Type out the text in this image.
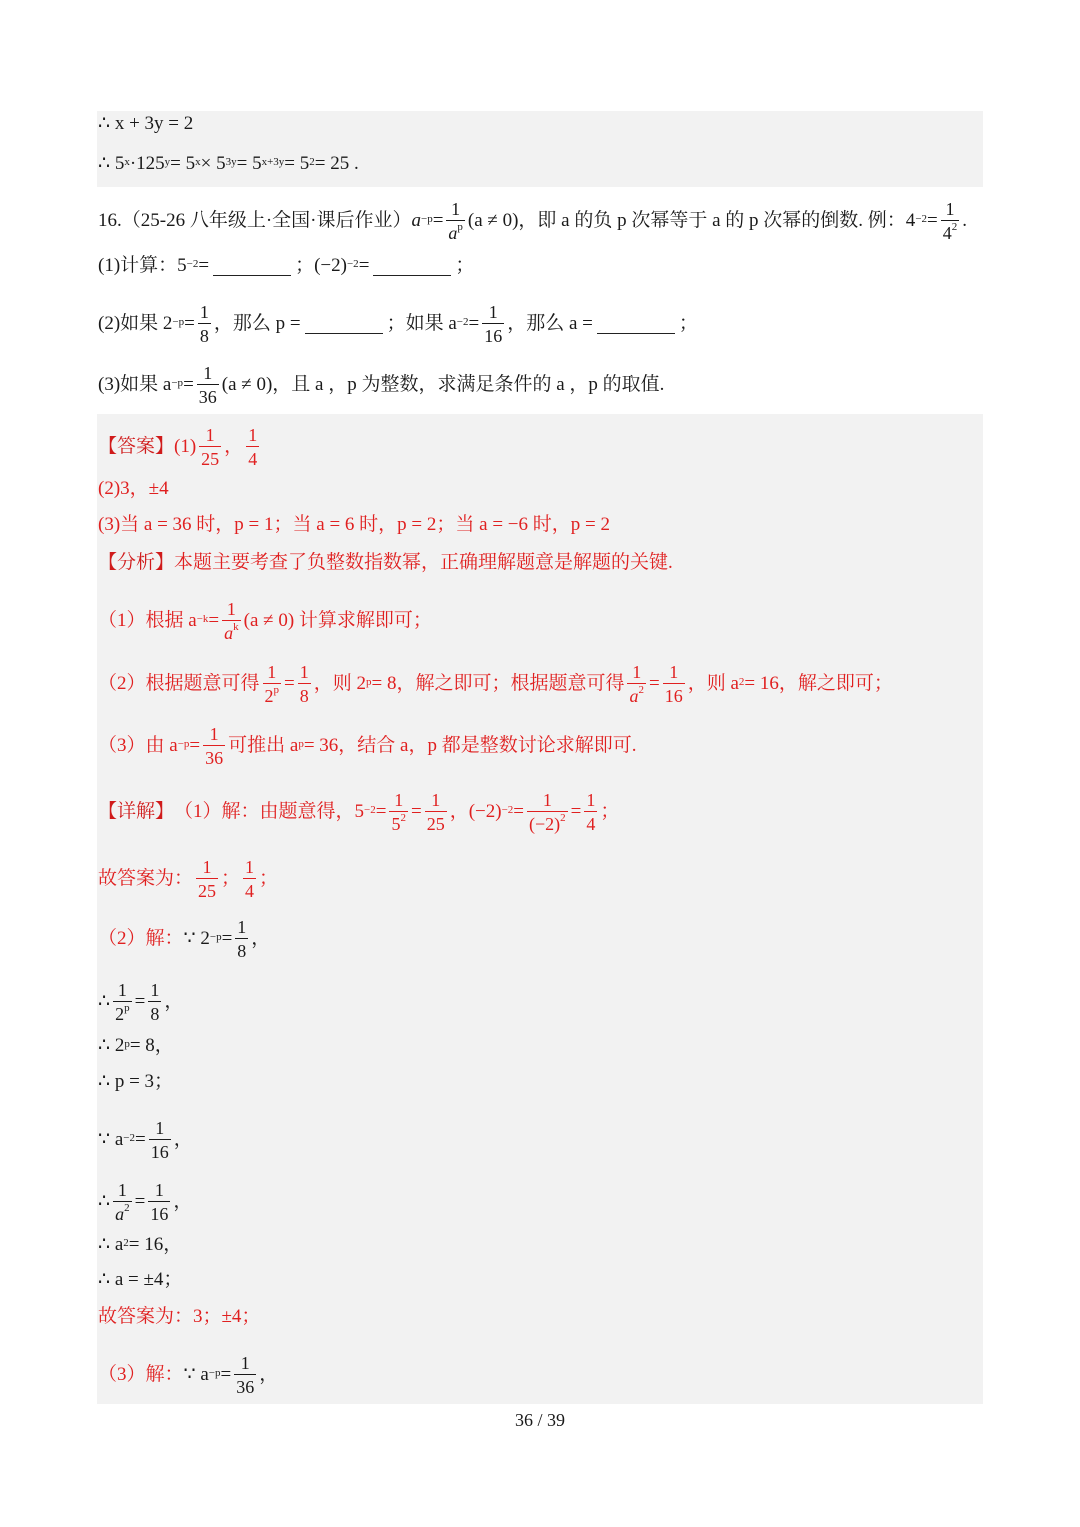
∴ x + 3y = 2
∴ $5^x \cdot 125^y = 5^x \times 5^{3y} = 5^{x+3y} = 5^2 = 25$ .
16.（25-26 八年级上·全国·课后作业） $a^{-p} = \frac{1}{a^p} (a \ne 0)$，即 a 的负 p 次幂等于 a 的 p 次幂的倒数. 例：$4^{-2} = \frac{1}{4^2}$ .
(1)计算：$5^{-2}$ =	；$(-2)^{-2}$ =	；
(2)如果 $2^{-p} = \frac{1}{8}$ ，那么 p =	；如果 $a^{-2} = \frac{1}{16}$ ，那么 a =	；
(3)如果 $a^{-p} = \frac{1}{36} (a \ne 0)$，且 a ，p 为整数，求满足条件的 a ，p 的取值.
【答案】 $(1) \frac{1}{25}$ ， $\frac{1}{4}$
(2)3，±4
(3)当 a = 36 时，p = 1；当 a = 6 时，p = 2；当 a = −6 时，p = 2
【分析】 本题主要考查了负整数指数幂，正确理解题意是解题的关键.
（1）根据 $a^{-k} = \frac{1}{a^k} (a \ne 0)$ 计算求解即可；
（2）根据题意可得 $\frac{1}{2^p} = \frac{1}{8}$ ，则 $2^p = 8$，解之即可；根据题意可得 $\frac{1}{a^2} = \frac{1}{16}$ ，则 $a^2 = 16$，解之即可；
（3）由 $a^{-p} = \frac{1}{36}$ 可推出 $a^p = 36$，结合 a，p 都是整数讨论求解即可.
【详解】 （1）解：由题意得，$5^{-2} = \frac{1}{5^2} = \frac{1}{25}$ ，$(-2)^{-2} = \frac{1}{(-2)^2} = \frac{1}{4}$ ；
故答案为： $\frac{1}{25}$ ； $\frac{1}{4}$ ；
（2）解： ∵ $2^{-p} = \frac{1}{8}$ ，
∴ $\frac{1}{2^p} = \frac{1}{8}$ ，
∴ $2^p = 8$，
∴ p = 3；
∵ $a^{-2} = \frac{1}{16}$ ，
∴ $\frac{1}{a^2} = \frac{1}{16}$ ，
∴ $a^2 = 16$，
∴ a = ±4；
故答案为：3；±4；
（3）解： ∵ $a^{-p} = \frac{1}{36}$ ，
36 / 39
